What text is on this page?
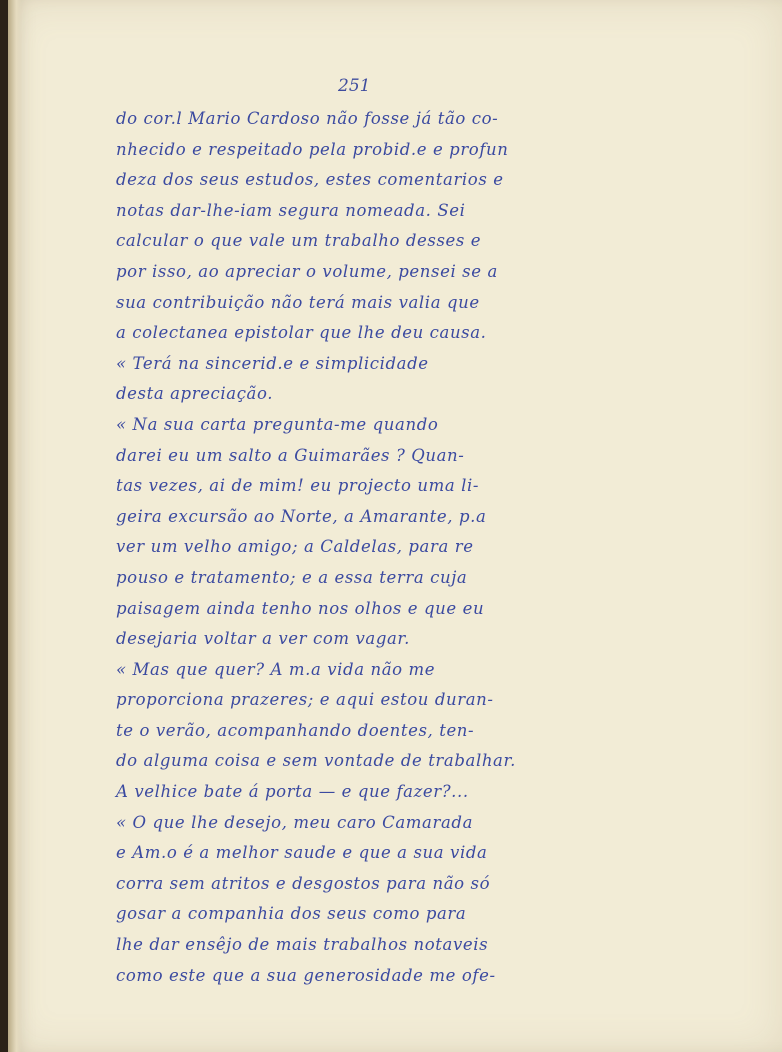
251
do cor.l Mario Cardoso não fosse já tão co-
nhecido e respeitado pela probid.e e profun
deza dos seus estudos, estes comentarios e
notas dar-lhe-iam segura nomeada. Sei
calcular o que vale um trabalho desses e
por isso, ao apreciar o volume, pensei se a
sua contribuição não terá mais valia que
a colectanea epistolar que lhe deu causa.
« Terá na sincerid.e e simplicidade
desta apreciação.
« Na sua carta pregunta-me quando
darei eu um salto a Guimarães ? Quan-
tas vezes, ai de mim! eu projecto uma li-
geira excursão ao Norte, a Amarante, p.a
ver um velho amigo; a Caldelas, para re
pouso e tratamento; e a essa terra cuja
paisagem ainda tenho nos olhos e que eu
desejaria voltar a ver com vagar.
« Mas que quer? A m.a vida não me
proporciona prazeres; e aqui estou duran-
te o verão, acompanhando doentes, ten-
do alguma coisa e sem vontade de trabalhar.
A velhice bate á porta — e que fazer?...
« O que lhe desejo, meu caro Camarada
e Am.o é a melhor saude e que a sua vida
corra sem atritos e desgostos para não só
gosar a companhia dos seus como para
lhe dar ensêjo de mais trabalhos notaveis
como este que a sua generosidade me ofe-
